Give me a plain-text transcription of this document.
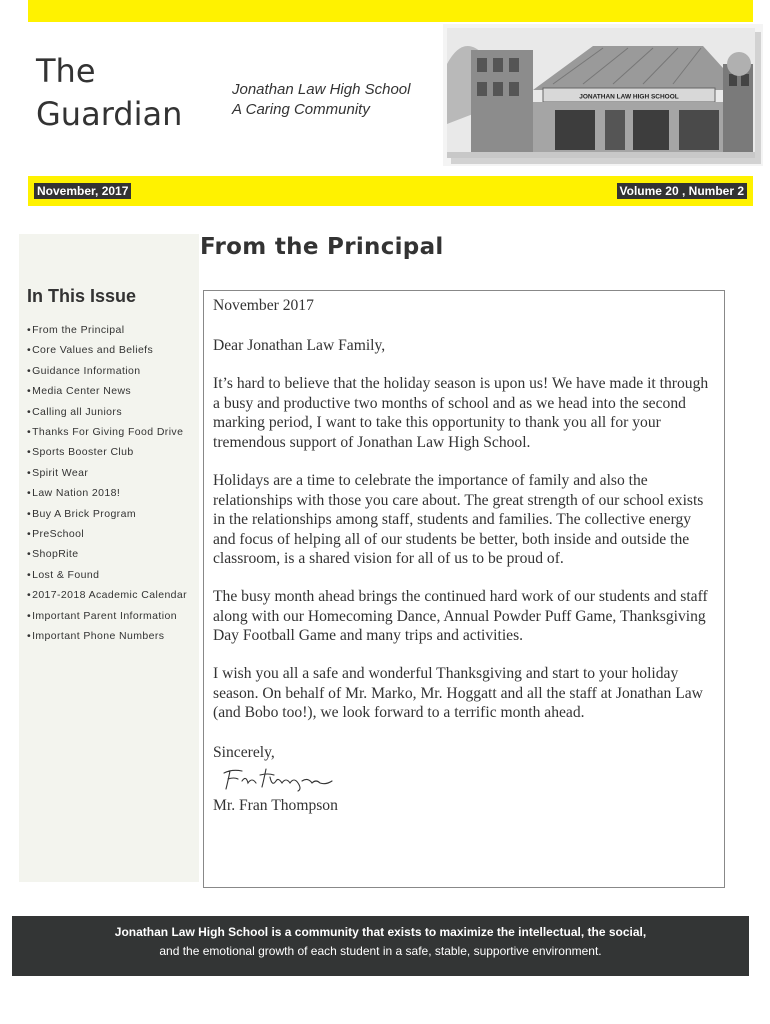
The
Guardian
Jonathan Law High School
A Caring Community
JONATHAN LAW HIGH SCHOOL
November, 2017	Volume 20 , Number 2
In This Issue
• From the Principal
• Core Values and Beliefs
• Guidance Information
• Media Center News
• Calling all Juniors
• Thanks For Giving Food Drive
• Sports Booster Club
• Spirit Wear
• Law Nation 2018!
• Buy A Brick Program
• PreSchool
• ShopRite
• Lost & Found
• 2017-2018 Academic Calendar
• Important Parent Information
• Important Phone Numbers
From the Principal

November 2017

Dear Jonathan Law Family,

It’s hard to believe that the holiday season is upon us! We have made it through a busy and productive two months of school and as we head into the second marking period, I want to take this opportunity to thank you all for your tremendous support of Jonathan Law High School.

Holidays are a time to celebrate the importance of family and also the relationships with those you care about. The great strength of our school exists in the relationships among staff, students and families. The collective energy and focus of helping all of our students be better, both inside and outside the classroom, is a shared vision for all of us to be proud of.

The busy month ahead brings the continued hard work of our students and staff along with our Homecoming Dance, Annual Powder Puff Game, Thanksgiving Day Football Game and many trips and activities.

I wish you all a safe and wonderful Thanksgiving and start to your holiday season. On behalf of Mr. Marko, Mr. Hoggatt and all the staff at Jonathan Law (and Bobo too!), we look forward to a terrific month ahead.

Sincerely,

Mr. Fran Thompson

Jonathan Law High School is a community that exists to maximize the intellectual, the social,
and the emotional growth of each student in a safe, stable, supportive environment.
